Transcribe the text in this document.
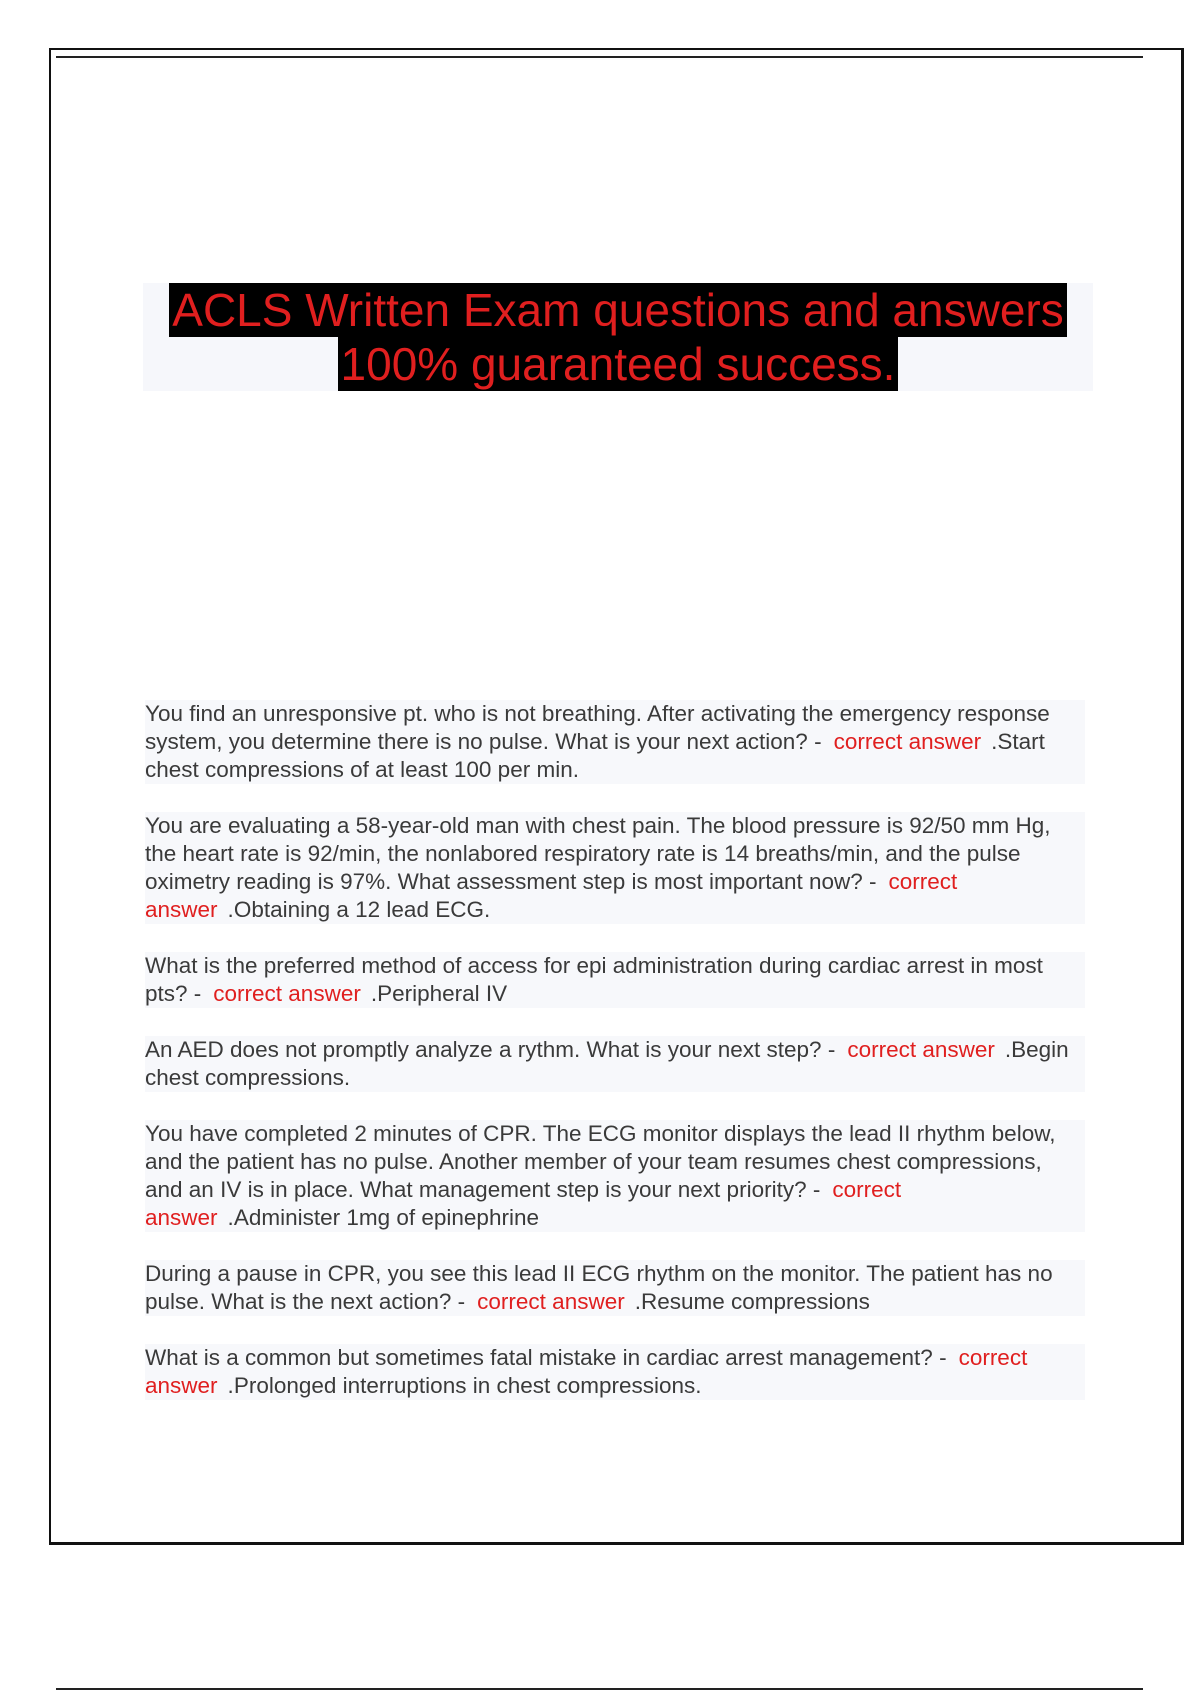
ACLS Written Exam questions and answers
100% guaranteed success.

You find an unresponsive pt. who is not breathing. After activating the emergency response system, you determine there is no pulse. What is your next action? - correct answer .Start chest compressions of at least 100 per min.

You are evaluating a 58-year-old man with chest pain. The blood pressure is 92/50 mm Hg, the heart rate is 92/min, the nonlabored respiratory rate is 14 breaths/min, and the pulse oximetry reading is 97%. What assessment step is most important now? - correct answer .Obtaining a 12 lead ECG.

What is the preferred method of access for epi administration during cardiac arrest in most pts? - correct answer .Peripheral IV

An AED does not promptly analyze a rythm. What is your next step? - correct answer .Begin chest compressions.

You have completed 2 minutes of CPR. The ECG monitor displays the lead II rhythm below, and the patient has no pulse. Another member of your team resumes chest compressions, and an IV is in place. What management step is your next priority? - correct answer .Administer 1mg of epinephrine

During a pause in CPR, you see this lead II ECG rhythm on the monitor. The patient has no pulse. What is the next action? - correct answer .Resume compressions

What is a common but sometimes fatal mistake in cardiac arrest management? - correct answer .Prolonged interruptions in chest compressions.
